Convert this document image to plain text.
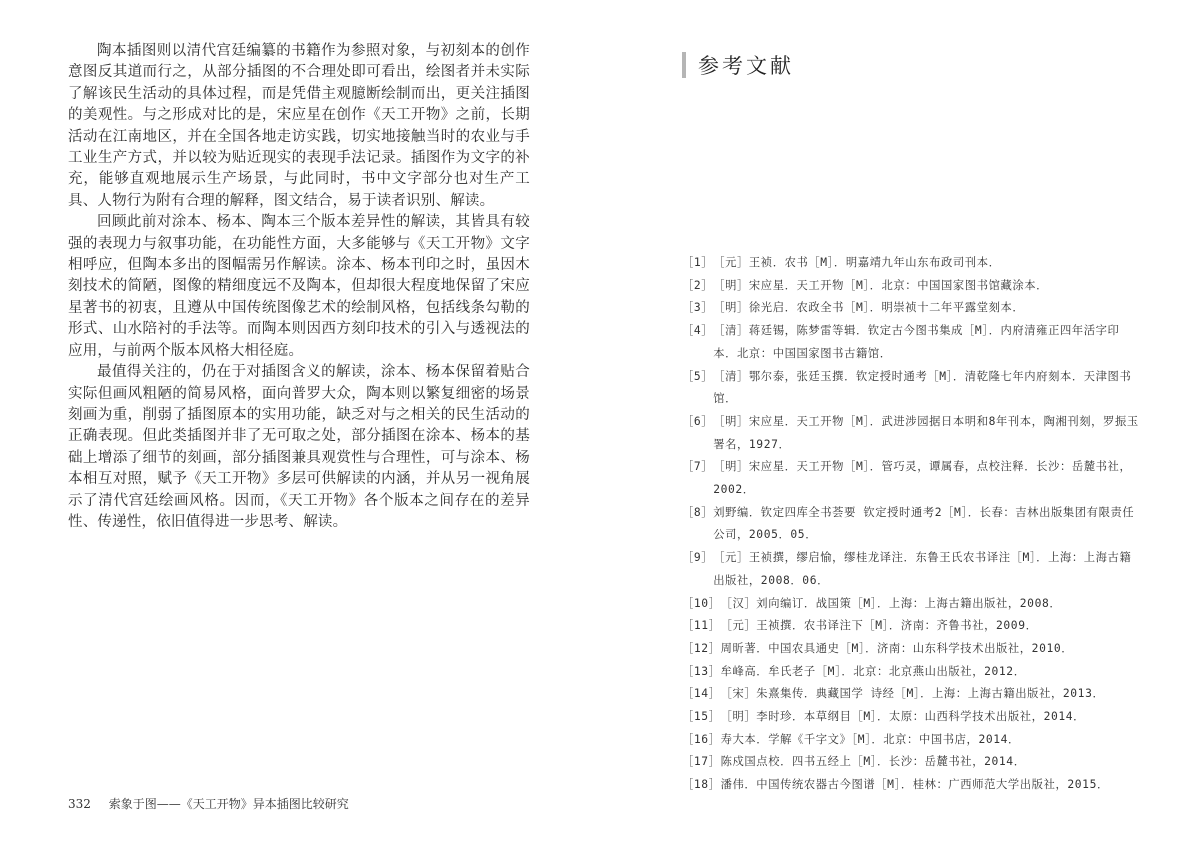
陶本插图则以清代宫廷编纂的书籍作为参照对象，与初刻本的创作意图反其道而行之，从部分插图的不合理处即可看出，绘图者并未实际了解该民生活动的具体过程，而是凭借主观臆断绘制而出，更关注插图的美观性。与之形成对比的是，宋应星在创作《天工开物》之前，长期活动在江南地区，并在全国各地走访实践，切实地接触当时的农业与手工业生产方式，并以较为贴近现实的表现手法记录。插图作为文字的补充，能够直观地展示生产场景，与此同时，书中文字部分也对生产工具、人物行为附有合理的解释，图文结合，易于读者识别、解读。

回顾此前对涂本、杨本、陶本三个版本差异性的解读，其皆具有较强的表现力与叙事功能，在功能性方面，大多能够与《天工开物》文字相呼应，但陶本多出的图幅需另作解读。涂本、杨本刊印之时，虽因木刻技术的简陋，图像的精细度远不及陶本，但却很大程度地保留了宋应星著书的初衷，且遵从中国传统图像艺术的绘制风格，包括线条勾勒的形式、山水陪衬的手法等。而陶本则因西方刻印技术的引入与透视法的应用，与前两个版本风格大相径庭。

最值得关注的，仍在于对插图含义的解读，涂本、杨本保留着贴合实际但画风粗陋的简易风格，面向普罗大众，陶本则以繁复细密的场景刻画为重，削弱了插图原本的实用功能，缺乏对与之相关的民生活动的正确表现。但此类插图并非了无可取之处，部分插图在涂本、杨本的基础上增添了细节的刻画，部分插图兼具观赏性与合理性，可与涂本、杨本相互对照，赋予《天工开物》多层可供解读的内涵，并从另一视角展示了清代宫廷绘画风格。因而，《天工开物》各个版本之间存在的差异性、传递性，依旧值得进一步思考、解读。

332 索象于图——《天工开物》异本插图比较研究
参考文献
［1］ ［元］王祯．农书［M］．明嘉靖九年山东布政司刊本．
［2］ ［明］宋应星．天工开物［M］．北京：中国国家图书馆藏涂本．
［3］ ［明］徐光启．农政全书［M］．明崇祯十二年平露堂刻本．
［4］ ［清］蒋廷锡，陈梦雷等辑．钦定古今图书集成［M］．内府清雍正四年活字印本．北京：中国国家图书古籍馆．
［5］ ［清］鄂尔泰，张廷玉撰．钦定授时通考［M］．清乾隆七年内府刻本．天津图书馆．
［6］ ［明］宋应星．天工开物［M］．武进涉园据日本明和8年刊本，陶湘刊刻，罗振玉署名，1927．
［7］ ［明］宋应星．天工开物［M］．管巧灵，谭属春，点校注释．长沙：岳麓书社，2002．
［8］ 刘野编．钦定四库全书荟要 钦定授时通考2［M］．长春：吉林出版集团有限责任公司，2005．05．
［9］ ［元］王祯撰，缪启愉，缪桂龙译注．东鲁王氏农书译注［M］．上海：上海古籍出版社，2008．06．
［10］ ［汉］刘向编订．战国策［M］．上海：上海古籍出版社，2008．
［11］ ［元］王祯撰．农书译注下［M］．济南：齐鲁书社，2009．
［12］ 周昕著．中国农具通史［M］．济南：山东科学技术出版社，2010．
［13］ 牟峰高．牟氏老子［M］．北京：北京燕山出版社，2012．
［14］ ［宋］朱熹集传．典藏国学 诗经［M］．上海：上海古籍出版社，2013．
［15］ ［明］李时珍．本草纲目［M］．太原：山西科学技术出版社，2014．
［16］ 寿大本．学解《千字文》［M］．北京：中国书店，2014．
［17］ 陈戍国点校．四书五经上［M］．长沙：岳麓书社，2014．
［18］ 潘伟．中国传统农器古今图谱［M］．桂林：广西师范大学出版社，2015．
